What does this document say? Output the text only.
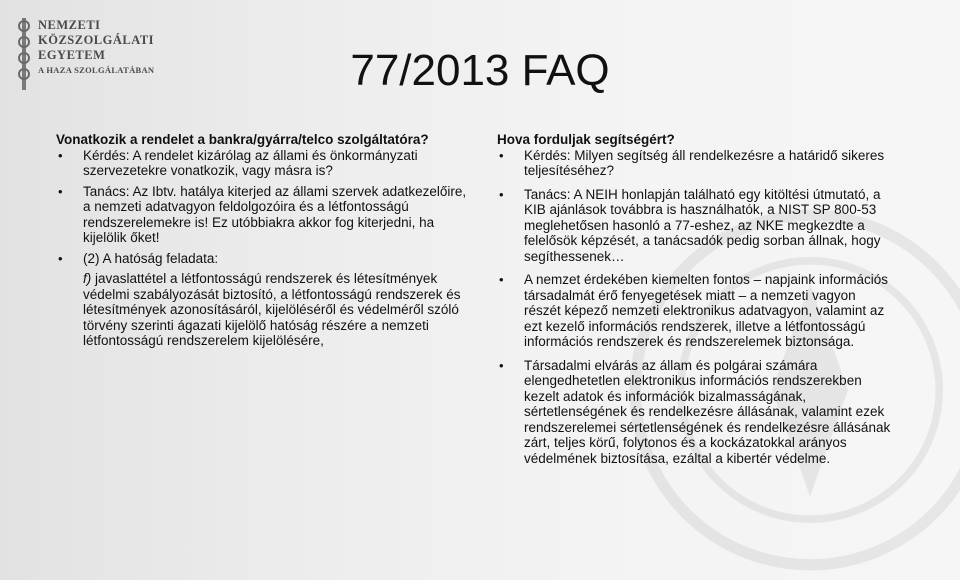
NEMZETI
KÖZSZOLGÁLATI
EGYETEM
A HAZA SZOLGÁLATÁBAN	77/2013 FAQ

Vonatkozik a rendelet a bankra/gyárra/telco szolgáltatóra?

• Kérdés: A rendelet kizárólag az állami és önkormányzati szervezetekre vonatkozik, vagy másra is?
• Tanács: Az Ibtv. hatálya kiterjed az állami szervek adatkezelőire, a nemzeti adatvagyon feldolgozóira és a létfontosságú rendszerelemekre is! Ez utóbbiakra akkor fog kiterjedni, ha kijelölik őket!
• (2) A hatóság feladata:

f) javaslattétel a létfontosságú rendszerek és létesítmények védelmi szabályozását biztosító, a létfontosságú rendszerek és létesítmények azonosításáról, kijelöléséről és védelméről szóló törvény szerinti ágazati kijelölő hatóság részére a nemzeti létfontosságú rendszerelem kijelölésére,

Hova forduljak segítségért?

• Kérdés: Milyen segítség áll rendelkezésre a határidő sikeres teljesítéséhez?
• Tanács: A NEIH honlapján található egy kitöltési útmutató, a KIB ajánlások továbbra is használhatók, a NIST SP 800-53 meglehetősen hasonló a 77-eshez, az NKE megkezdte a felelősök képzését, a tanácsadók pedig sorban állnak, hogy segíthessenek…
• A nemzet érdekében kiemelten fontos – napjaink információs társadalmát érő fenyegetések miatt – a nemzeti vagyon részét képező nemzeti elektronikus adatvagyon, valamint az ezt kezelő információs rendszerek, illetve a létfontosságú információs rendszerek és rendszerelemek biztonsága.
• Társadalmi elvárás az állam és polgárai számára elengedhetetlen elektronikus információs rendszerekben kezelt adatok és információk bizalmasságának, sértetlenségének és rendelkezésre állásának, valamint ezek rendszerelemei sértetlenségének és rendelkezésre állásának zárt, teljes körű, folytonos és a kockázatokkal arányos védelmének biztosítása, ezáltal a kibertér védelme.
